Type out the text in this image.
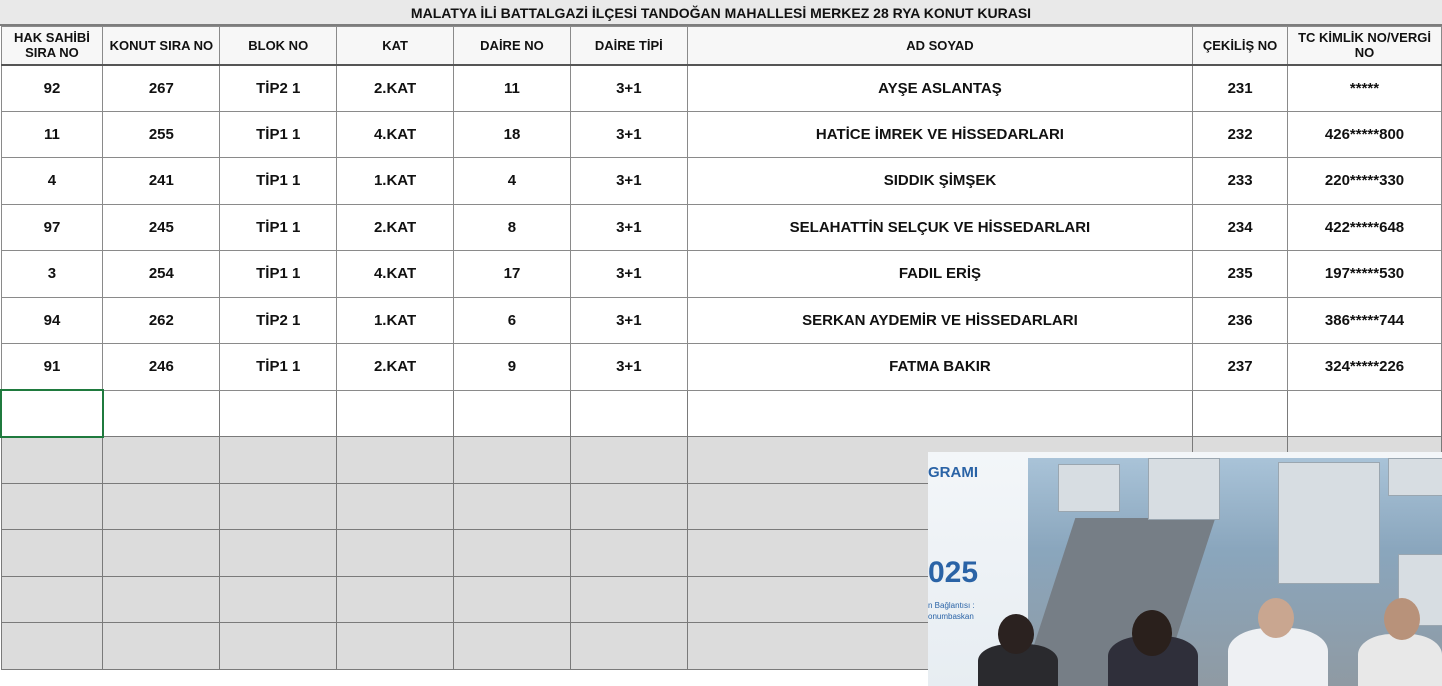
MALATYA İLİ BATTALGAZİ İLÇESİ TANDOĞAN MAHALLESİ MERKEZ 28 RYA KONUT KURASI
HAK SAHİBİ SIRA NO	KONUT SIRA NO	BLOK NO	KAT	DAİRE NO	DAİRE TİPİ	AD SOYAD	ÇEKİLİŞ NO	TC KİMLİK NO/VERGİ NO
92	267	TİP2 1	2.KAT	11	3+1	AYŞE ASLANTAŞ	231	*****
11	255	TİP1 1	4.KAT	18	3+1	HATİCE İMREK VE HİSSEDARLARI	232	426*****800
4	241	TİP1 1	1.KAT	4	3+1	SIDDIK ŞİMŞEK	233	220*****330
97	245	TİP1 1	2.KAT	8	3+1	SELAHATTİN SELÇUK VE HİSSEDARLARI	234	422*****648
3	254	TİP1 1	4.KAT	17	3+1	FADIL ERİŞ	235	197*****530
94	262	TİP2 1	1.KAT	6	3+1	SERKAN AYDEMİR VE HİSSEDARLARI	236	386*****744
91	246	TİP1 1	2.KAT	9	3+1	FATMA BAKIR	237	324*****226

GRAMI
025
n Bağlantısı :
onumbaskan
